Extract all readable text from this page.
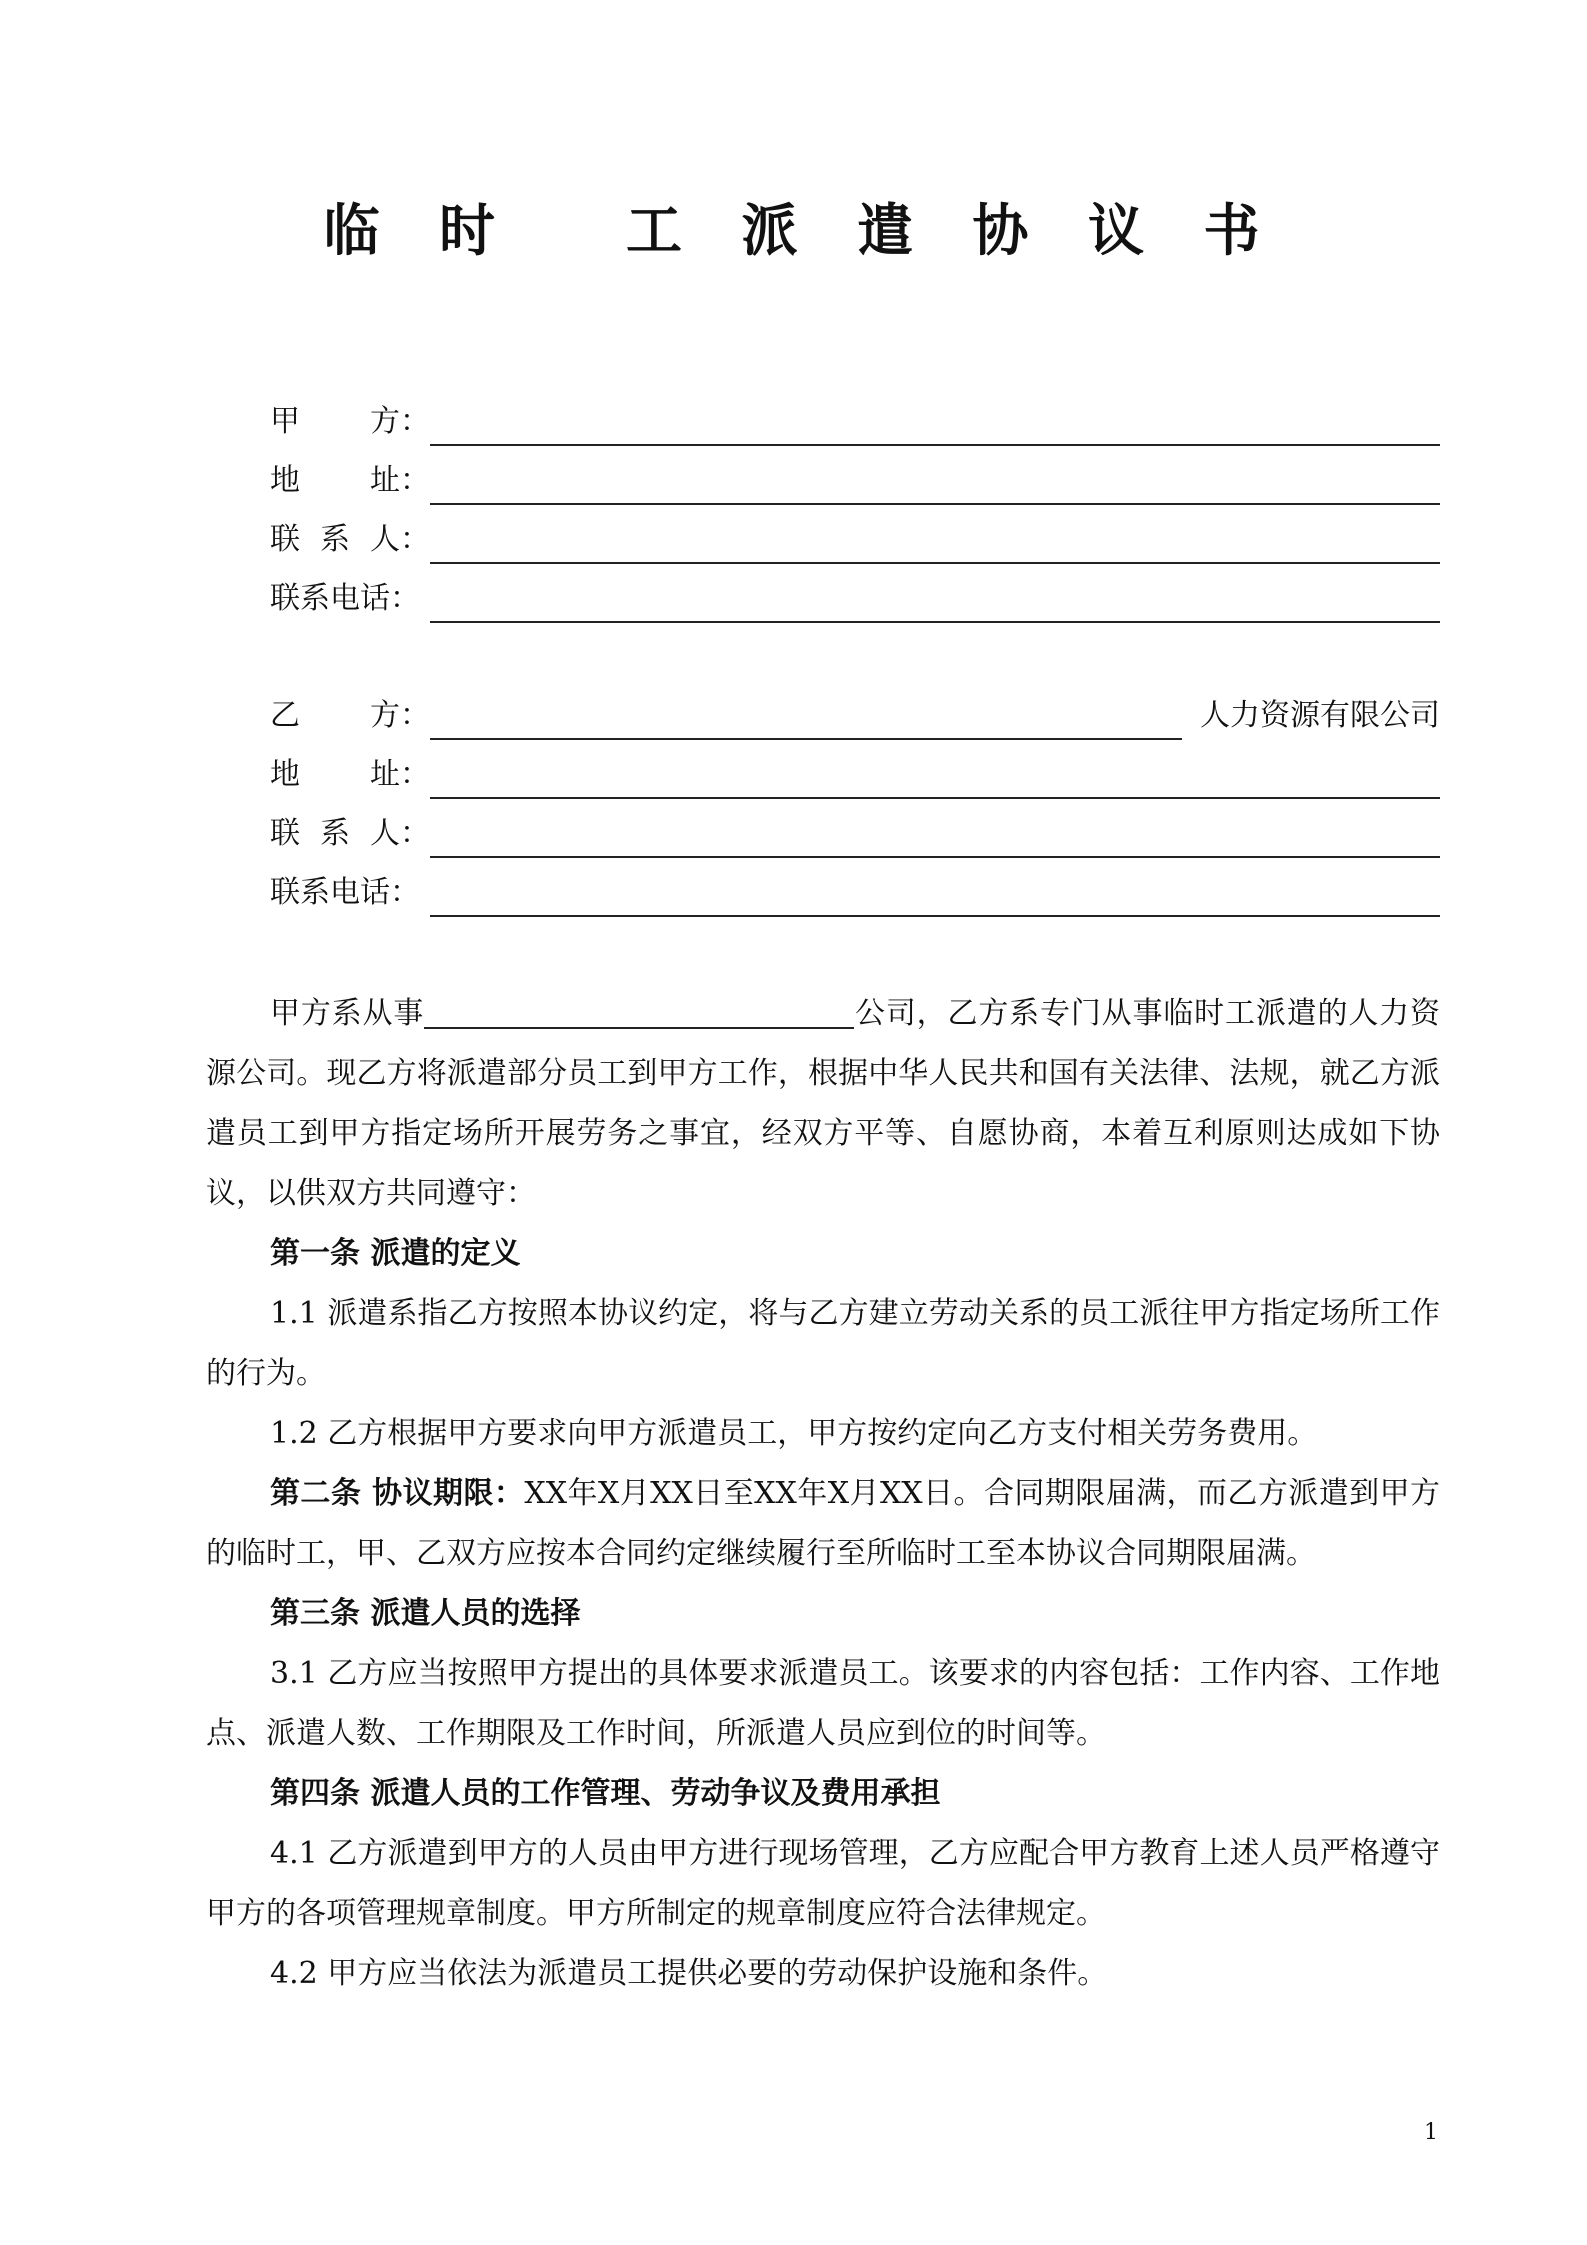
临 时 工 派 遣 协 议 书
甲 方：
地 址：
联 系 人：
联系电话：
乙 方：	人力资源有限公司
地 址：
联 系 人：
联系电话：
甲方系从事	公司，乙方系专门从事临时工派遣的人力资源公司。现乙方将派遣部分员工到甲方工作，根据中华人民共和国有关法律、法规，就乙方派遣员工到甲方指定场所开展劳务之事宜，经双方平等、自愿协商，本着互利原则达成如下协议，以供双方共同遵守：
第一条 派遣的定义
1.1 派遣系指乙方按照本协议约定，将与乙方建立劳动关系的员工派往甲方指定场所工作的行为。
1.2 乙方根据甲方要求向甲方派遣员工，甲方按约定向乙方支付相关劳务费用。
第二条 协议期限：XX年X月XX日至XX年X月XX日。合同期限届满，而乙方派遣到甲方的临时工，甲、乙双方应按本合同约定继续履行至所临时工至本协议合同期限届满。
第三条 派遣人员的选择
3.1 乙方应当按照甲方提出的具体要求派遣员工。该要求的内容包括：工作内容、工作地点、派遣人数、工作期限及工作时间，所派遣人员应到位的时间等。
第四条 派遣人员的工作管理、劳动争议及费用承担
4.1 乙方派遣到甲方的人员由甲方进行现场管理，乙方应配合甲方教育上述人员严格遵守甲方的各项管理规章制度。甲方所制定的规章制度应符合法律规定。
4.2 甲方应当依法为派遣员工提供必要的劳动保护设施和条件。
1
